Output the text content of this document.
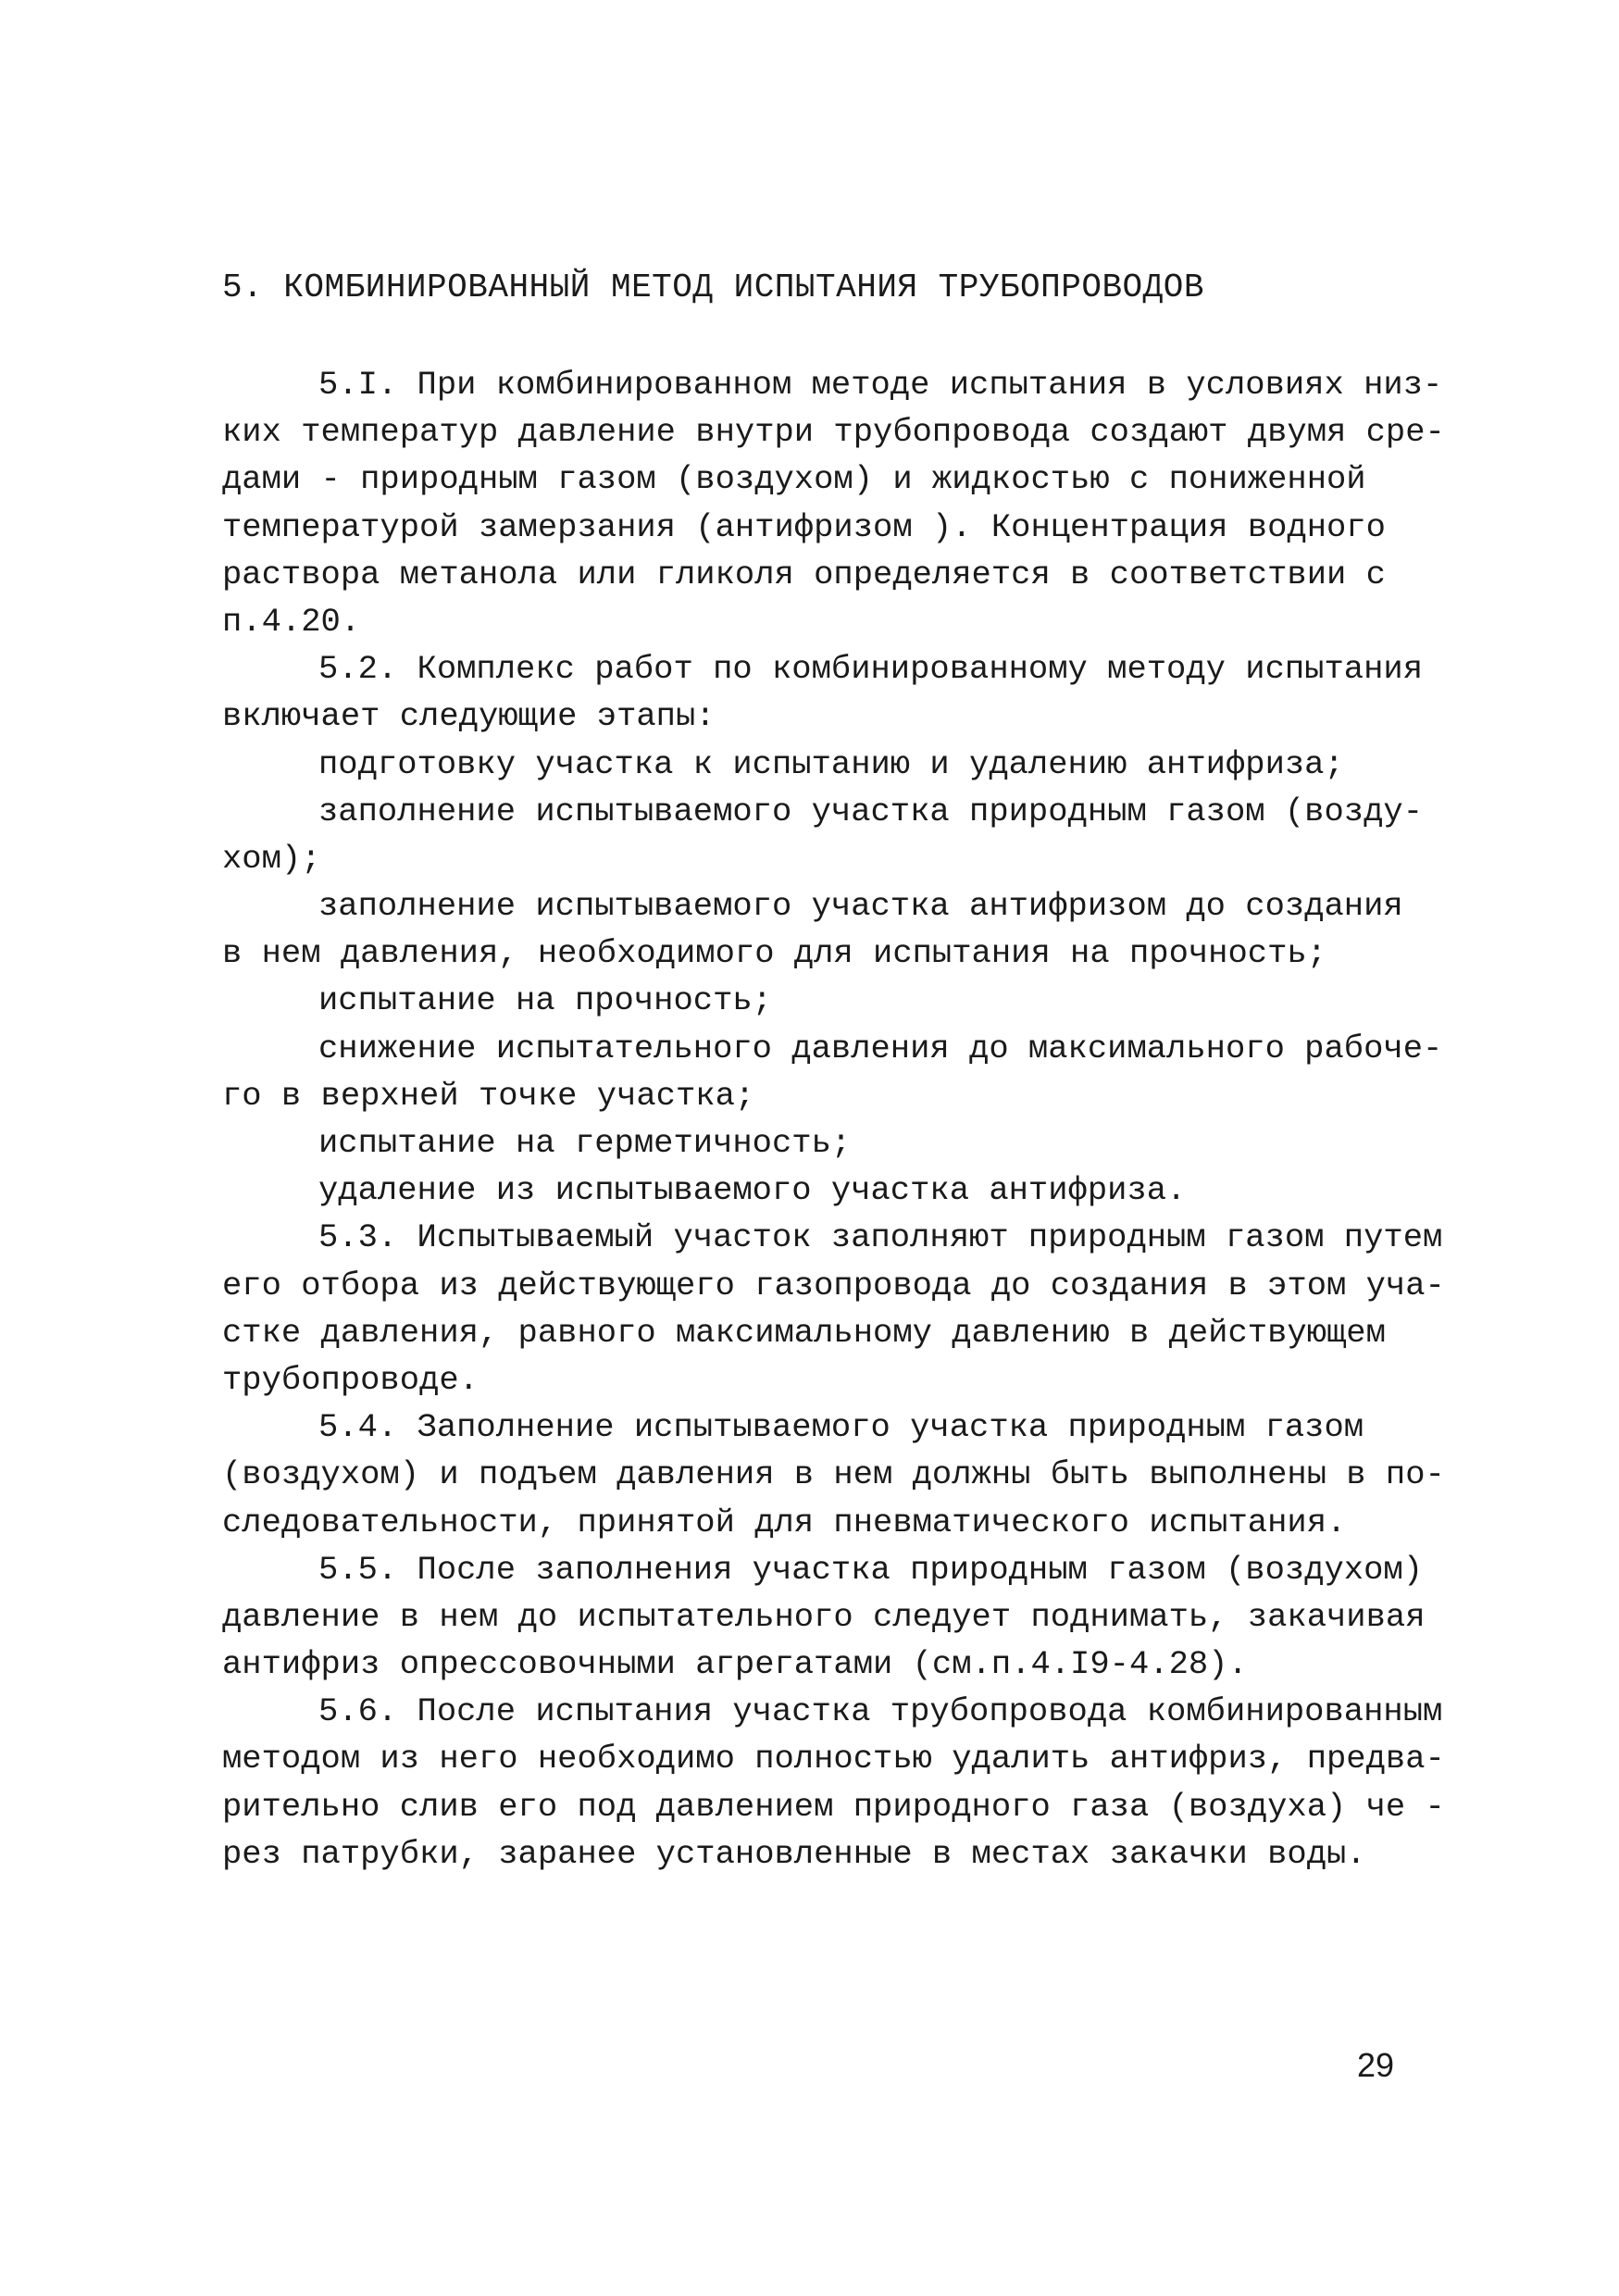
5. КОМБИНИРОВАННЫЙ МЕТОД ИСПЫТАНИЯ ТРУБОПРОВОДОВ
5.I. При комбинированном методе испытания в условиях низ-
ких температур давление внутри трубопровода создают двумя сре-
дами - природным газом (воздухом) и жидкостью с пониженной
температурой замерзания (антифризом ). Концентрация водного
раствора метанола или гликоля определяется в соответствии с
п.4.20.
5.2. Комплекс работ по комбинированному методу испытания
включает следующие этапы:
подготовку участка к испытанию и удалению антифриза;
заполнение испытываемого участка природным газом (возду-
хом);
заполнение испытываемого участка антифризом до создания
в нем давления, необходимого для испытания на прочность;
испытание на прочность;
снижение испытательного давления до максимального рабоче-
го в верхней точке участка;
испытание на герметичность;
удаление из испытываемого участка антифриза.
5.3. Испытываемый участок заполняют природным газом путем
его отбора из действующего газопровода до создания в этом уча-
стке давления, равного максимальному давлению в действующем
трубопроводе.
5.4. Заполнение испытываемого участка природным газом
(воздухом) и подъем давления в нем должны быть выполнены в по-
следовательности, принятой для пневматического испытания.
5.5. После заполнения участка природным газом (воздухом)
давление в нем до испытательного следует поднимать, закачивая
антифриз опрессовочными агрегатами (см.п.4.I9-4.28).
5.6. После испытания участка трубопровода комбинированным
методом из него необходимо полностью удалить антифриз, предва-
рительно слив его под давлением природного газа (воздуха) че -
рез патрубки, заранее установленные в местах закачки воды.
29
